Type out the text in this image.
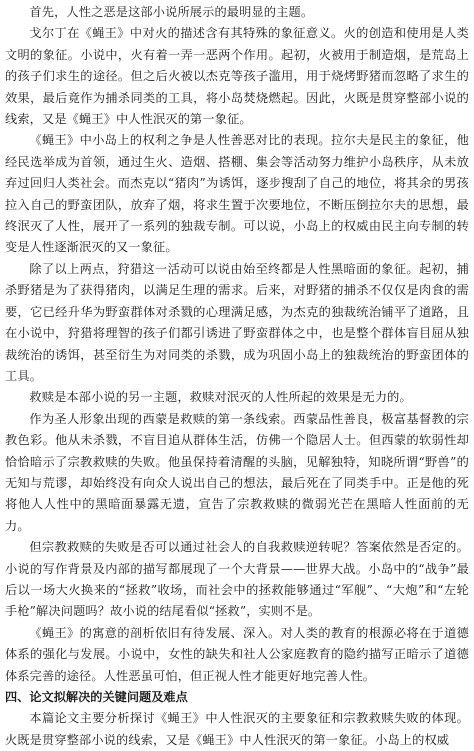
首先，人性之恶是这部小说所展示的最明显的主题。

戈尔丁在《蝇王》中对火的描述含有其特殊的象征意义。火的创造和使用是人类文明的象征。小说中，火有着一弄一恶两个作用。起初，火被用于制造烟，是荒岛上的孩子们求生的途径。但之后火被以杰克等孩子滥用，用于烧烤野猪而忽略了求生的效果，最后竟作为捕杀同类的工具，将小岛焚烧燃起。因此，火既是贯穿整部小说的线索，又是《蝇王》中人性泯灭的第一象征。

《蝇王》中小岛上的权利之争是人性善恶对比的表现。拉尔夫是民主的象征，他经民选举成为首领，通过生火、造烟、搭棚、集会等活动努力维护小岛秩序，从未放弃过回归人类社会。而杰克以“猪肉”为诱饵，逐步搜刮了自己的地位，将其余的男孩拉入自己的野蛮团队，放弃了烟，将求生置于次要地位，不断压倒拉尔夫的思想，最终泯灭了人性，展开了一系列的独裁专制。可以说，小岛上的权威由民主向专制的转变是人性逐渐泯灭的又一象征。

除了以上两点，狩猎这一活动可以说由始至终都是人性黑暗面的象征。起初，捕杀野猪是为了获得猪肉，以满足生理的需求。后来，对野猪的捕杀不仅仅是肉食的需要，它已经升华为野蛮群体对杀戮的心理满足感，为杰克的独裁统治铺平了道路，且在小说中，狩猎将理智的孩子们都引诱进了野蛮群体之中，也是整个群体盲目屈从独裁统治的诱饵，甚至衍生为对同类的杀戮，成为巩固小岛上的独裁统治的野蛮团体的工具。

救赎是本部小说的另一主题，救赎对泯灭的人性所起的效果是无力的。

作为圣人形象出现的西蒙是救赎的第一条线索。西蒙品性善良，极富基督教的宗教色彩。他从未杀戮，不盲目追从群体生活，仿佛一个隐居人士。但西蒙的软弱性却恰恰暗示了宗教救赎的失败。他虽保持着清醒的头脑，见解独特，知晓所谓“野兽”的无知与荒谬，却始终没有向众人说出自己的想法，最后死在了同类手中。正是他的死将他人人性中的黑暗面暴露无遗，宣告了宗教救赎的微弱光芒在黑暗人性面前的无力。

但宗教救赎的失败是否可以通过社会人的自我救赎逆转呢？答案依然是否定的。小说的写作背景及内部的描写都展现了一个大背景——世界大战。小岛中的“战争”最后以一场大火换来的“拯救”收场，而社会中的拯救能够通过“军舰”、“大炮”和“左轮手枪”解决问题吗？故小说的结尾看似“拯救”，实则不是。

《蝇王》的寓意的剖析依旧有待发展、深入。对人类的教育的根源必将在于道德体系的强化与发展。小说中，女性的缺失和社人公家庭教育的隐约描写正暗示了道德体系完善的途径。人性恶虽可怕，但正视人性才能更好地完善人性。

四、论文拟解决的关键问题及难点

本篇论文主要分析探讨《蝇王》中人性泯灭的主要象征和宗教救赎失败的体现。火既是贯穿整部小说的线索，又是《蝇王》中人性泯灭的第一象征。小岛上的权威
